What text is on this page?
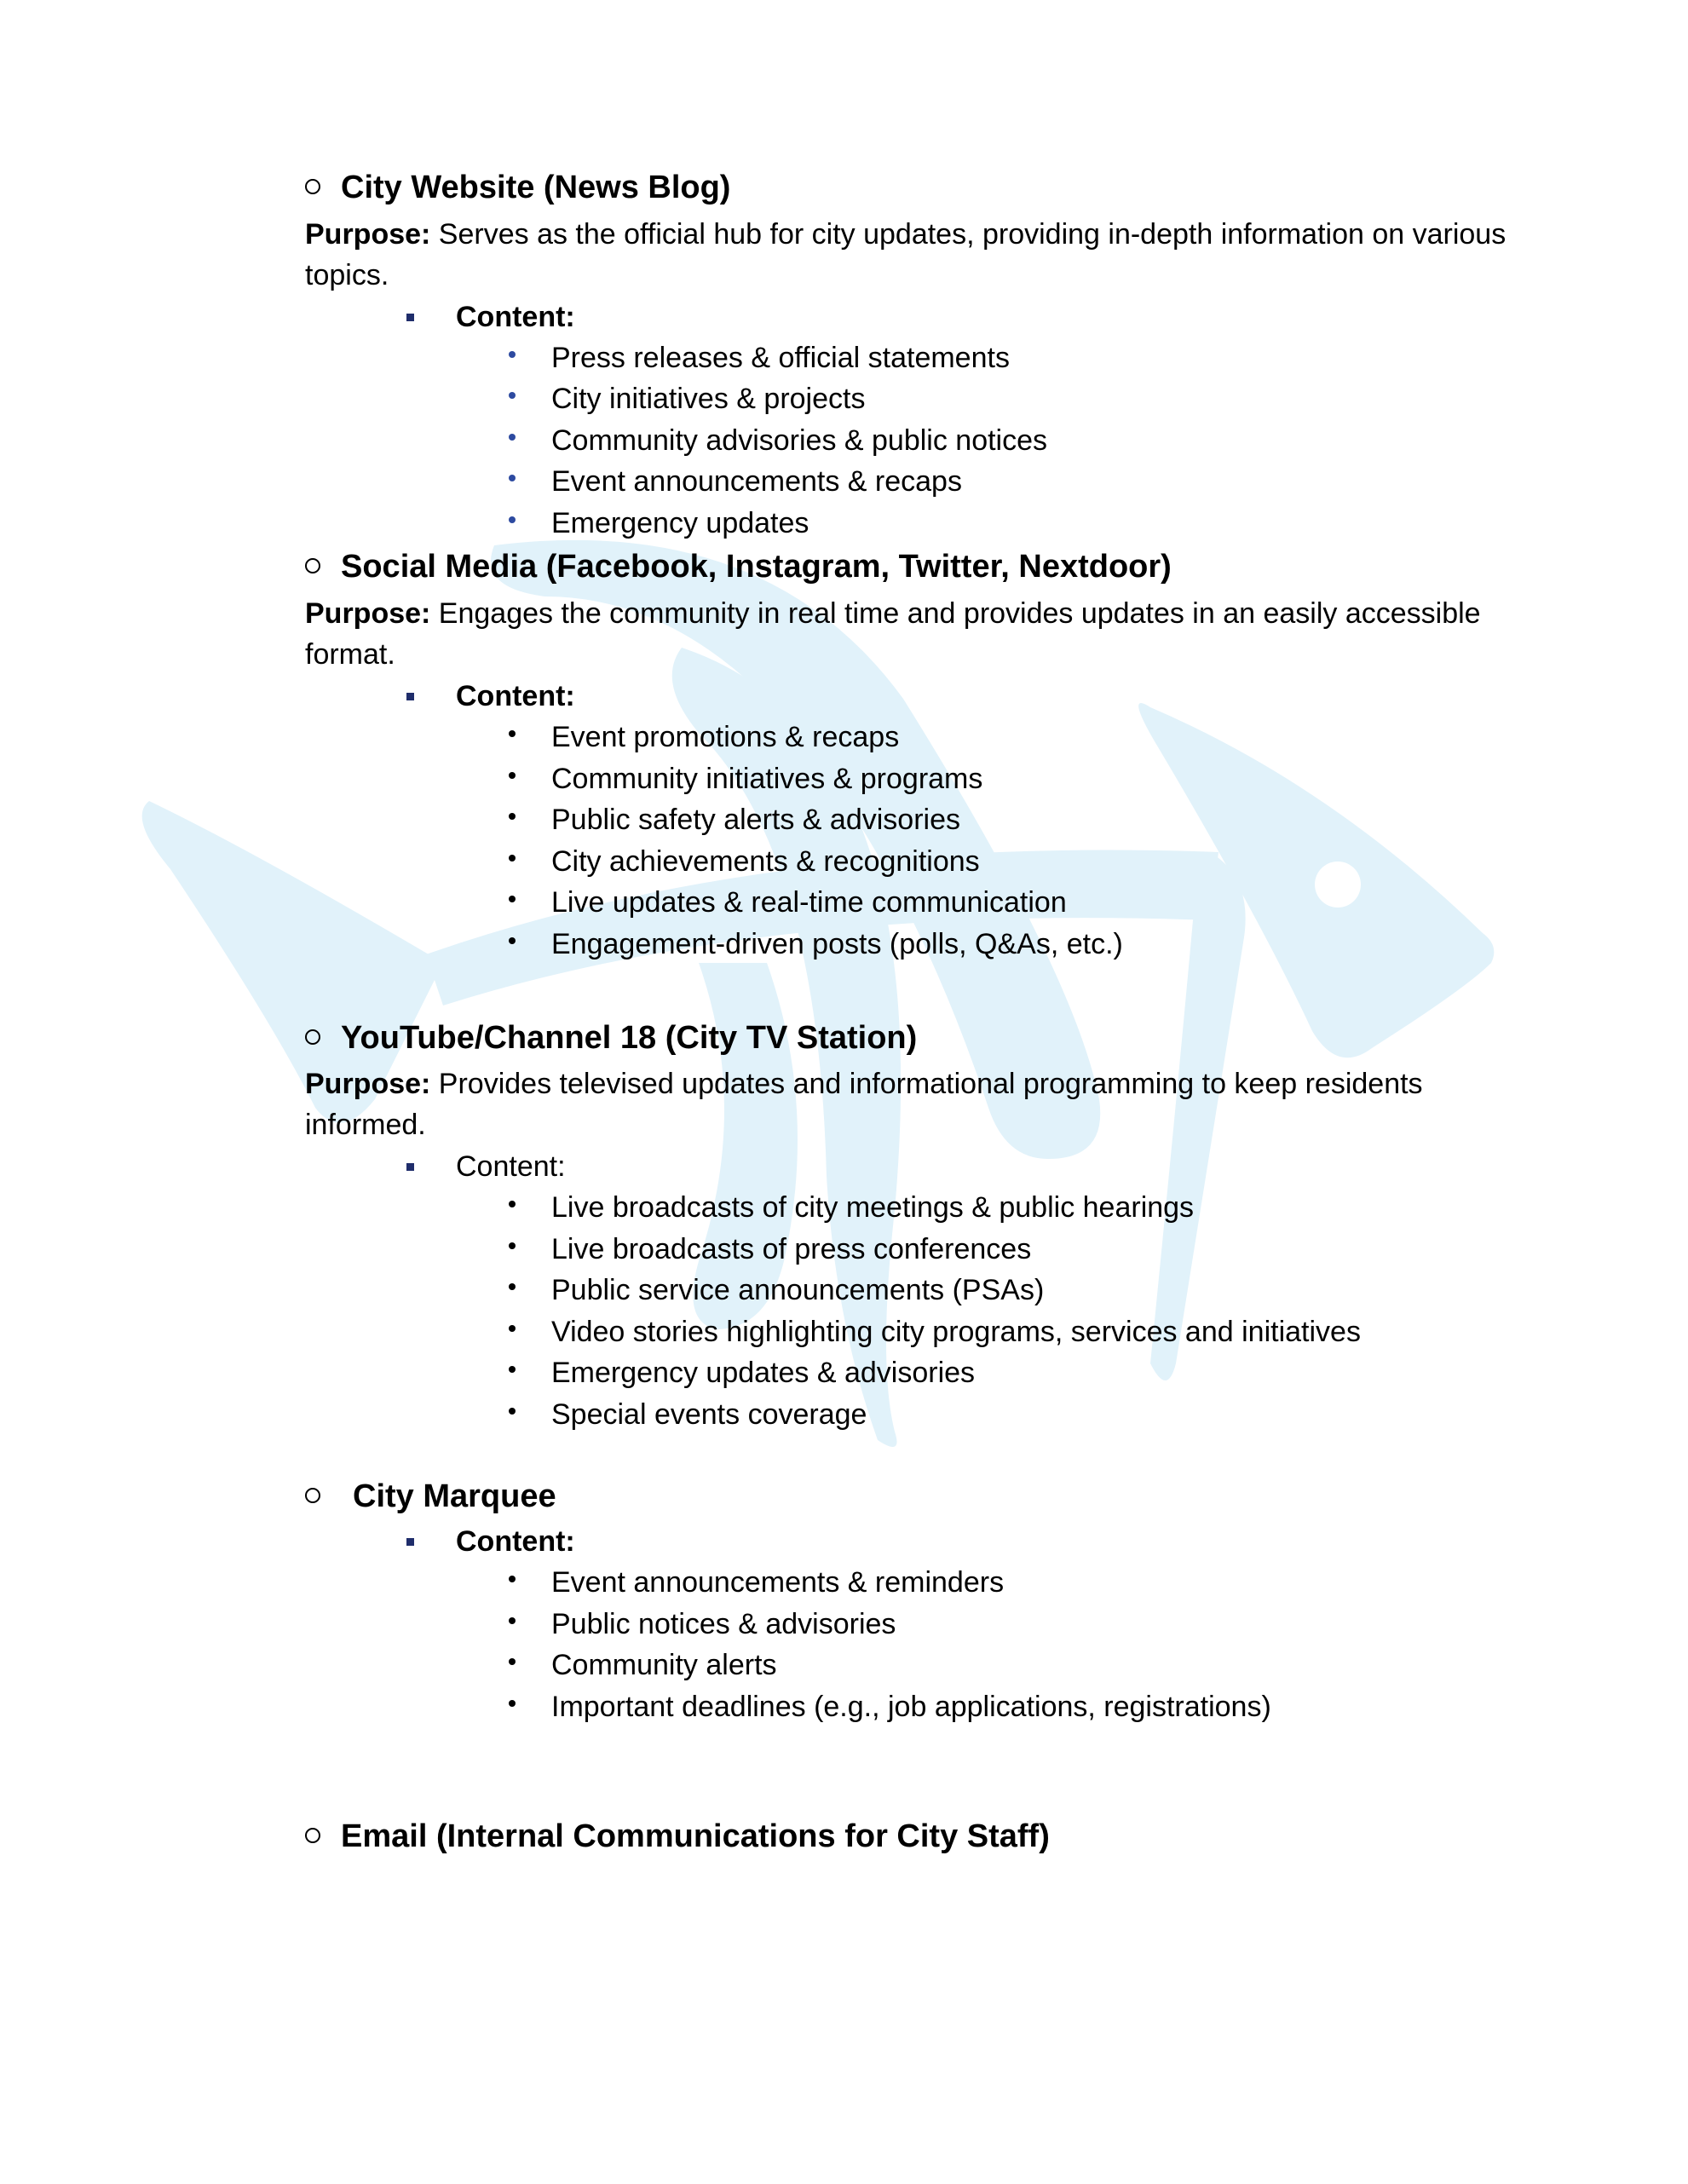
City Website (News Blog)
Purpose: Serves as the official hub for city updates, providing in-depth information on various
topics.
Content:
Press releases & official statements
City initiatives & projects
Community advisories & public notices
Event announcements & recaps
Emergency updates
Social Media (Facebook, Instagram, Twitter, Nextdoor)
Purpose: Engages the community in real time and provides updates in an easily accessible
format.
Content:
Event promotions & recaps
Community initiatives & programs
Public safety alerts & advisories
City achievements & recognitions
Live updates & real-time communication
Engagement-driven posts (polls, Q&As, etc.)
YouTube/Channel 18 (City TV Station)
Purpose: Provides televised updates and informational programming to keep residents
informed.
Content:
Live broadcasts of city meetings & public hearings
Live broadcasts of press conferences
Public service announcements (PSAs)
Video stories highlighting city programs, services and initiatives
Emergency updates & advisories
Special events coverage
City Marquee
Content:
Event announcements & reminders
Public notices & advisories
Community alerts
Important deadlines (e.g., job applications, registrations)
Email (Internal Communications for City Staff)
